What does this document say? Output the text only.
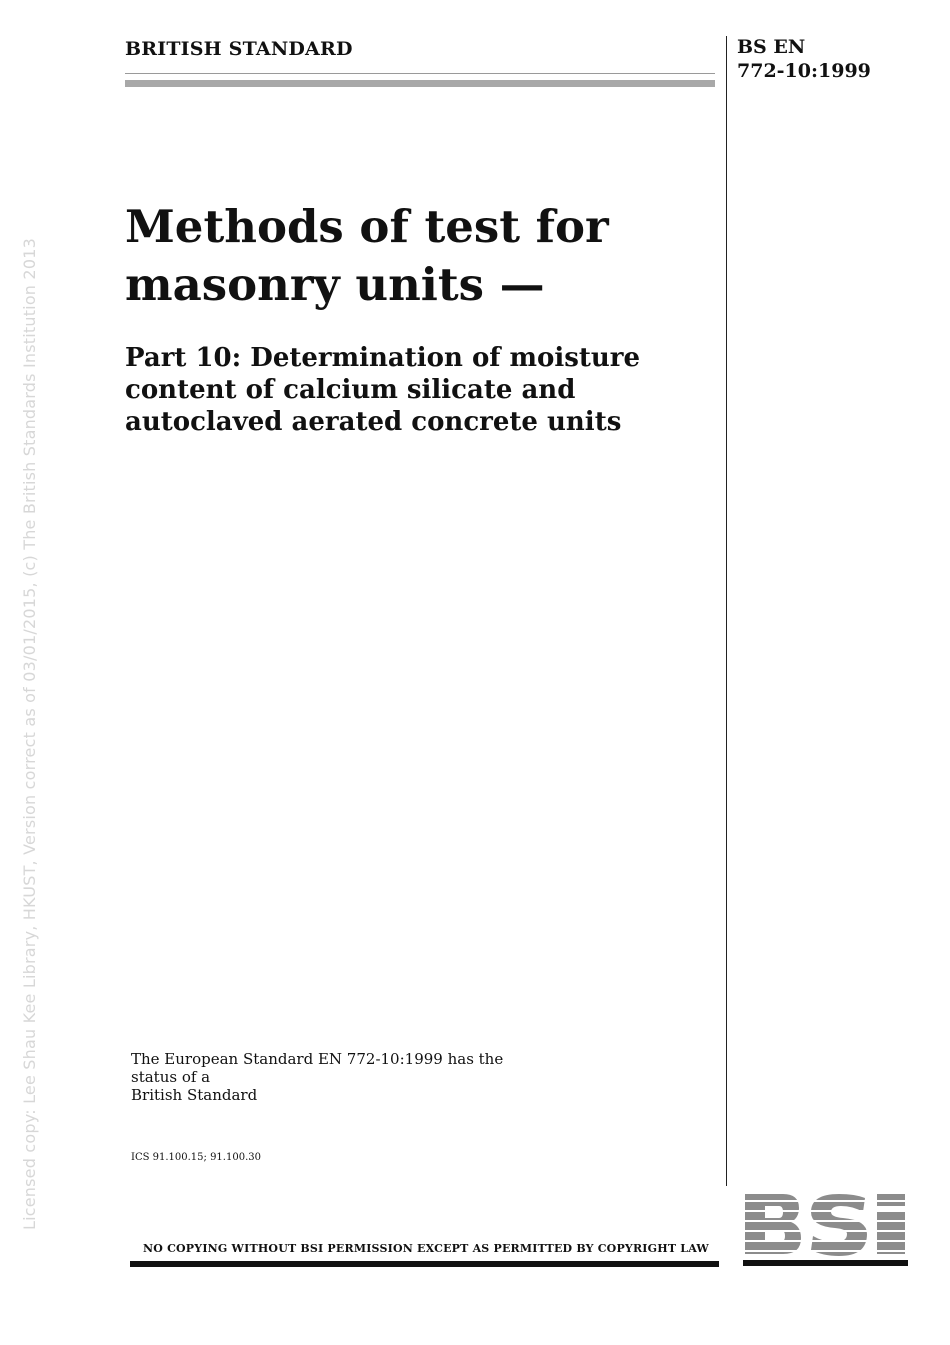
Licensed copy: Lee Shau Kee Library, HKUST, Version correct as of 03/01/2015, (c) The British Standards Institution 2013
BRITISH STANDARD	BS EN
772-10:1999
Methods of test for
masonry units —
Part 10: Determination of moisture
content of calcium silicate and
autoclaved aerated concrete units
The European Standard EN 772-10:1999 has the status of a
British Standard
ICS 91.100.15; 91.100.30
NO COPYING WITHOUT BSI PERMISSION EXCEPT AS PERMITTED BY COPYRIGHT LAW
